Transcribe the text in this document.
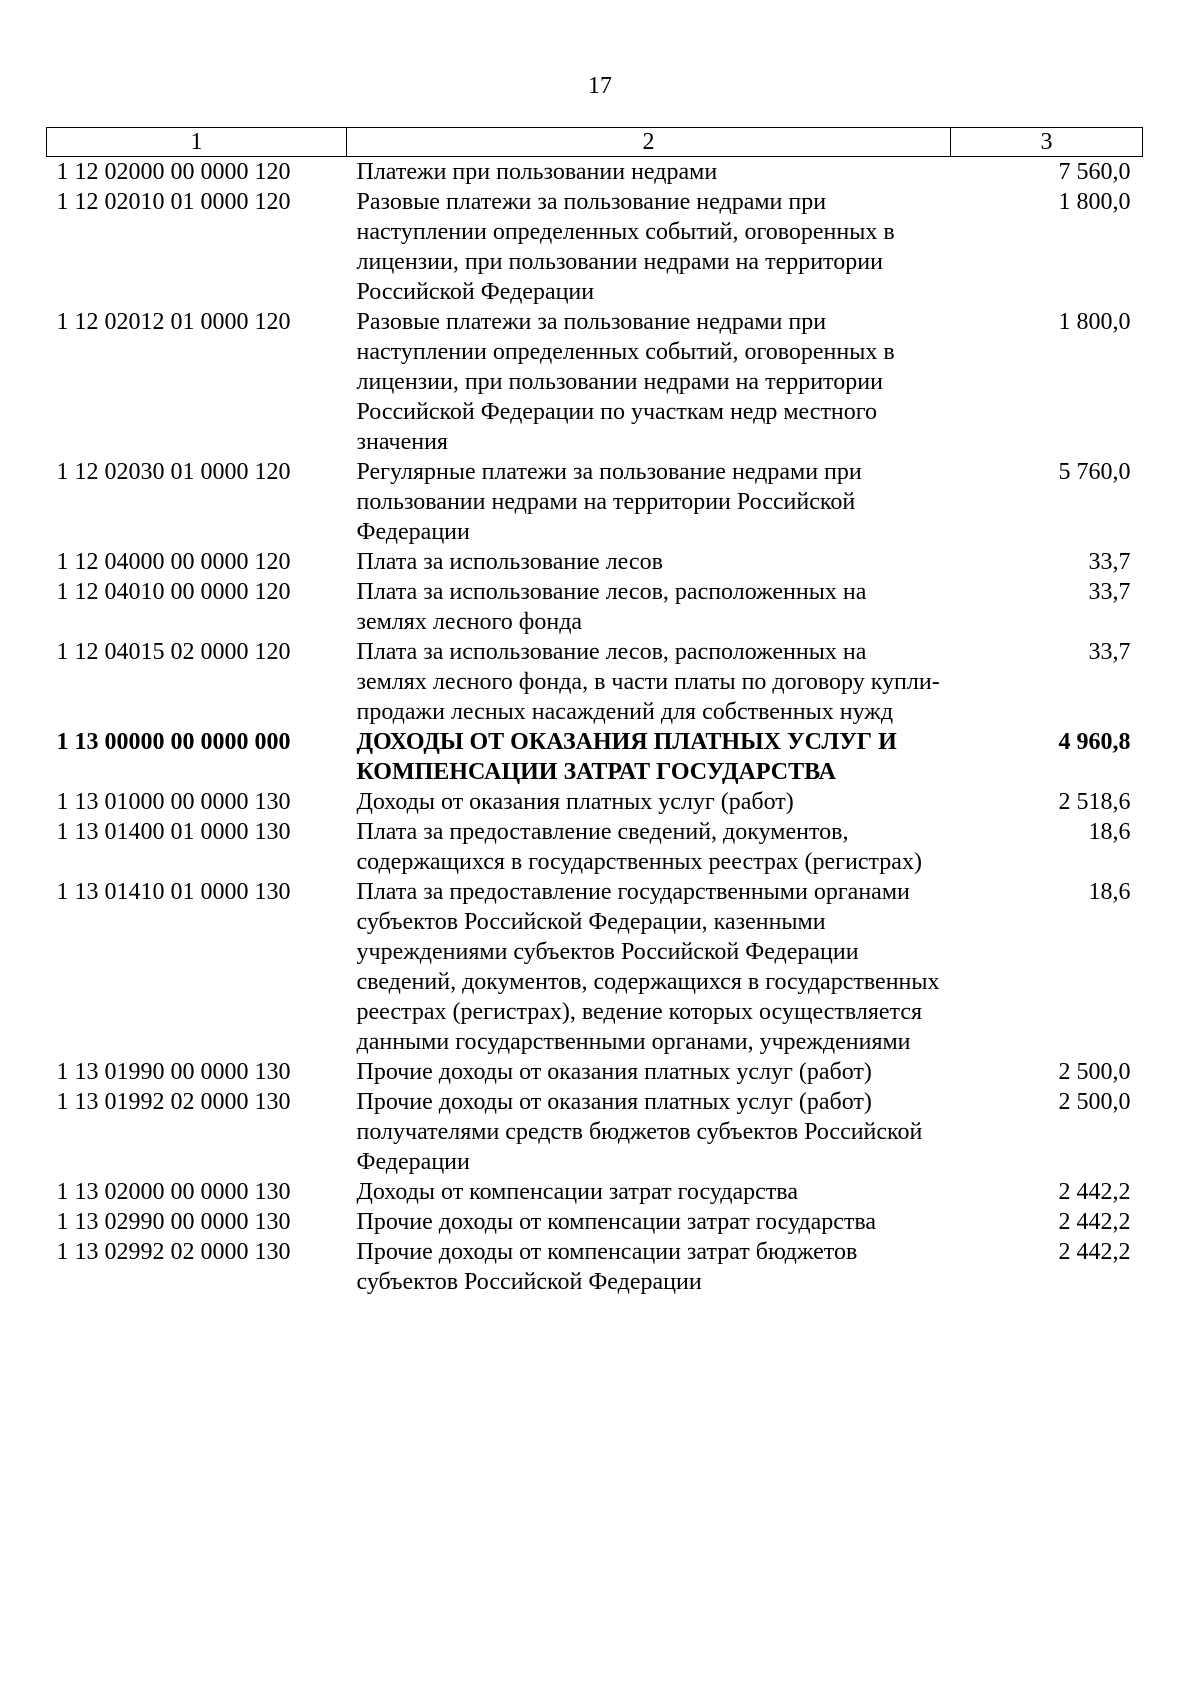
17
1	2	3
1 12 02000 00 0000 120	Платежи при пользовании недрами	7 560,0
1 12 02010 01 0000 120	Разовые платежи за пользование недрами при наступлении определенных событий, оговоренных в лицензии, при пользовании недрами на территории Российской Федерации	1 800,0
1 12 02012 01 0000 120	Разовые платежи за пользование недрами при наступлении определенных событий, оговоренных в лицензии, при пользовании недрами на территории Российской Федерации по участкам недр местного значения	1 800,0
1 12 02030 01 0000 120	Регулярные платежи за пользование недрами при пользовании недрами на территории Российской Федерации	5 760,0
1 12 04000 00 0000 120	Плата за использование лесов	33,7
1 12 04010 00 0000 120	Плата за использование лесов, расположенных на землях лесного фонда	33,7
1 12 04015 02 0000 120	Плата за использование лесов, расположенных на землях лесного фонда, в части платы по договору купли-продажи лесных насаждений для собственных нужд	33,7
1 13 00000 00 0000 000	ДОХОДЫ ОТ ОКАЗАНИЯ ПЛАТНЫХ УСЛУГ И КОМПЕНСАЦИИ ЗАТРАТ ГОСУДАРСТВА	4 960,8
1 13 01000 00 0000 130	Доходы от оказания платных услуг (работ)	2 518,6
1 13 01400 01 0000 130	Плата за предоставление сведений, документов, содержащихся в государственных реестрах (регистрах)	18,6
1 13 01410 01 0000 130	Плата за предоставление государственными органами субъектов Российской Федерации, казенными учреждениями субъектов Российской Федерации сведений, документов, содержащихся в государственных реестрах (регистрах), ведение которых осуществляется данными государственными органами, учреждениями	18,6
1 13 01990 00 0000 130	Прочие доходы от оказания платных услуг (работ)	2 500,0
1 13 01992 02 0000 130	Прочие доходы от оказания платных услуг (работ) получателями средств бюджетов субъектов Российской Федерации	2 500,0
1 13 02000 00 0000 130	Доходы от компенсации затрат государства	2 442,2
1 13 02990 00 0000 130	Прочие доходы от компенсации затрат государства	2 442,2
1 13 02992 02 0000 130	Прочие доходы от компенсации затрат бюджетов субъектов Российской Федерации	2 442,2
